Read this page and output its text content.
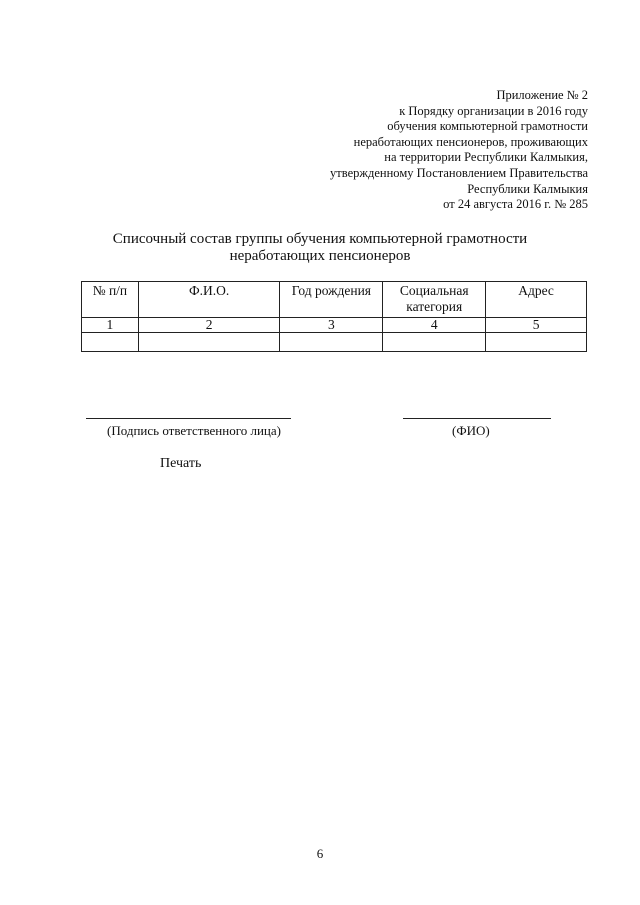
Приложение № 2
к Порядку организации в 2016 году
обучения компьютерной грамотности
неработающих пенсионеров, проживающих
на территории Республики Калмыкия,
утвержденному Постановлением Правительства
Республики Калмыкия
от 24 августа 2016 г. № 285
Списочный состав группы обучения компьютерной грамотности
неработающих пенсионеров
№ п/п	Ф.И.О.	Год рождения	Социальная категория	Адрес
1	2	3	4	5

(Подпись ответственного лица)	(ФИО)
Печать
6
